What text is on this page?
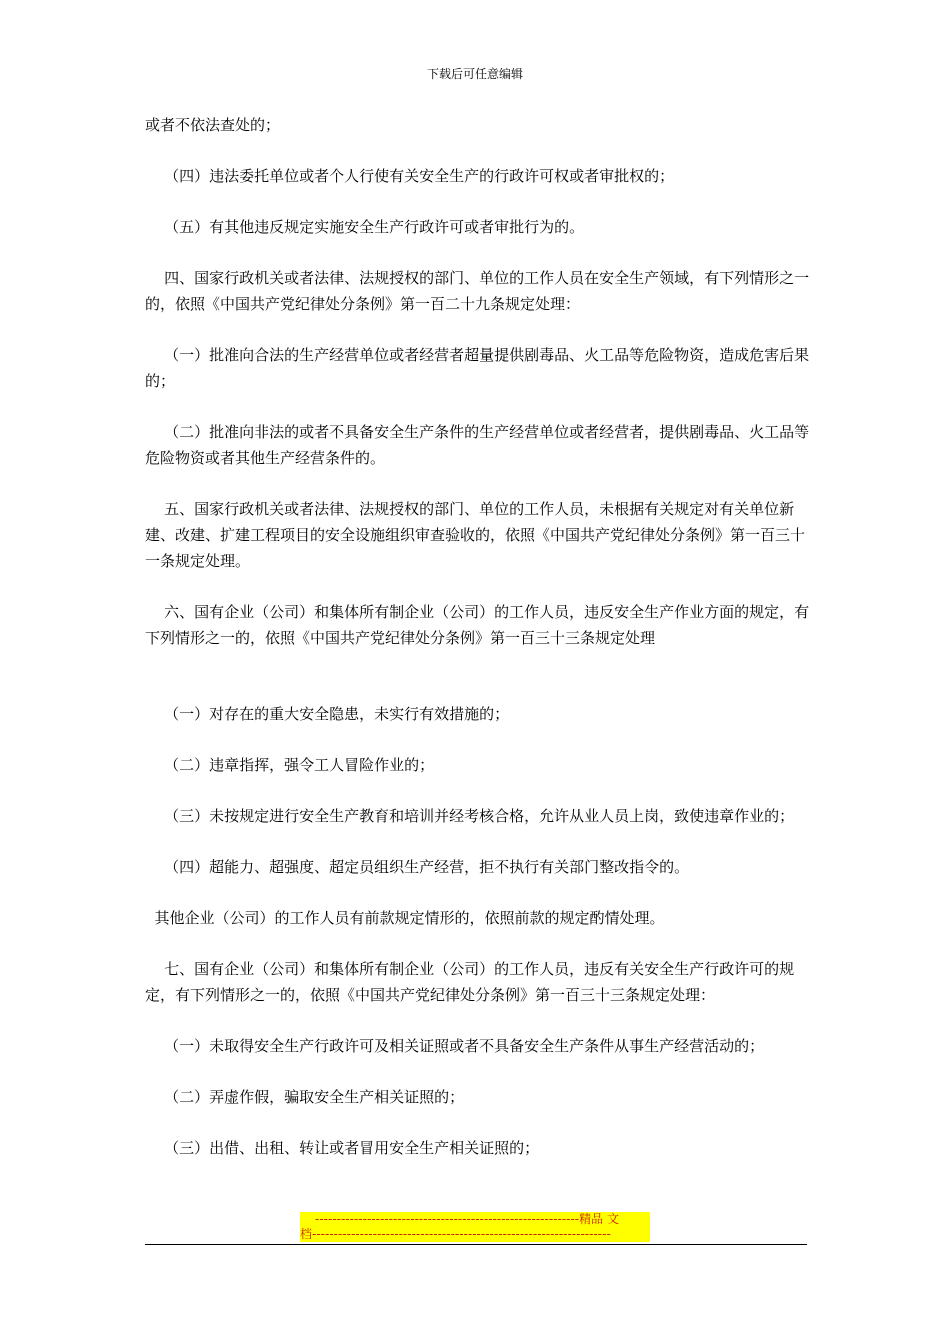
下载后可任意编辑

或者不依法查处的；

（四）违法委托单位或者个人行使有关安全生产的行政许可权或者审批权的；

（五）有其他违反规定实施安全生产行政许可或者审批行为的。

四、国家行政机关或者法律、法规授权的部门、单位的工作人员在安全生产领域，有下列情形之一的，依照《中国共产党纪律处分条例》第一百二十九条规定处理：

（一）批准向合法的生产经营单位或者经营者超量提供剧毒品、火工品等危险物资，造成危害后果的；

（二）批准向非法的或者不具备安全生产条件的生产经营单位或者经营者，提供剧毒品、火工品等危险物资或者其他生产经营条件的。

五、国家行政机关或者法律、法规授权的部门、单位的工作人员，未根据有关规定对有关单位新建、改建、扩建工程项目的安全设施组织审查验收的，依照《中国共产党纪律处分条例》第一百三十一条规定处理。

六、国有企业（公司）和集体所有制企业（公司）的工作人员，违反安全生产作业方面的规定，有下列情形之一的，依照《中国共产党纪律处分条例》第一百三十三条规定处理

（一）对存在的重大安全隐患，未实行有效措施的；

（二）违章指挥，强令工人冒险作业的；

（三）未按规定进行安全生产教育和培训并经考核合格，允许从业人员上岗，致使违章作业的；

（四）超能力、超强度、超定员组织生产经营，拒不执行有关部门整改指令的。

其他企业（公司）的工作人员有前款规定情形的，依照前款的规定酌情处理。

七、国有企业（公司）和集体所有制企业（公司）的工作人员，违反有关安全生产行政许可的规定，有下列情形之一的，依照《中国共产党纪律处分条例》第一百三十三条规定处理：

（一）未取得安全生产行政许可及相关证照或者不具备安全生产条件从事生产经营活动的；

（二）弄虚作假，骗取安全生产相关证照的；

（三）出借、出租、转让或者冒用安全生产相关证照的；

-------------------------------------------------------------精品 文
档---------------------------------------------------------------------
